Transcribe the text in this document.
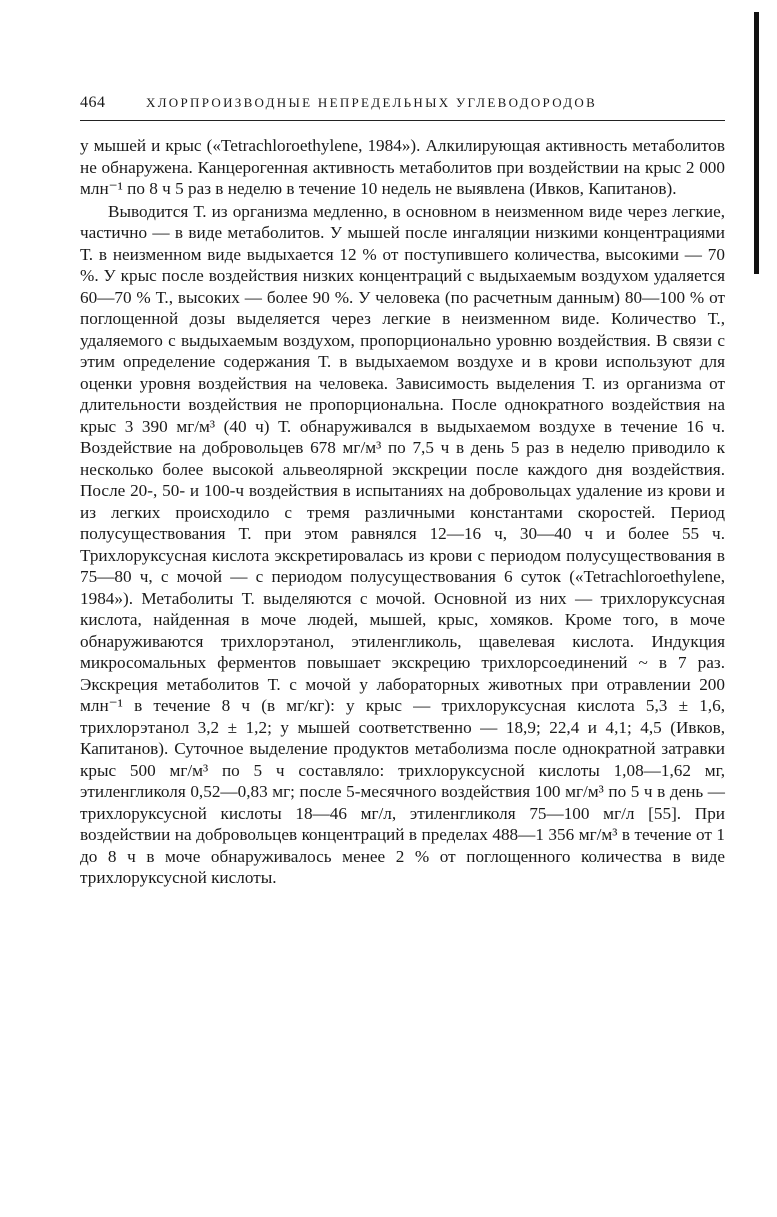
464	ХЛОРПРОИЗВОДНЫЕ НЕПРЕДЕЛЬНЫХ УГЛЕВОДОРОДОВ

у мышей и крыс («Tetrachloroethylene, 1984»). Алкилирующая активность метаболитов не обнаружена. Канцерогенная активность метаболитов при воздействии на крыс 2 000 млн⁻¹ по 8 ч 5 раз в неделю в течение 10 недель не выявлена (Ивков, Капитанов).

Выводится Т. из организма медленно, в основном в неизменном виде через легкие, частично — в виде метаболитов. У мышей после ингаляции низкими концентрациями Т. в неизменном виде выдыхается 12 % от поступившего количества, высокими — 70 %. У крыс после воздействия низких концентраций с выдыхаемым воздухом удаляется 60—70 % Т., высоких — более 90 %. У человека (по расчетным данным) 80—100 % от поглощенной дозы выделяется через легкие в неизменном виде. Количество Т., удаляемого с выдыхаемым воздухом, пропорционально уровню воздействия. В связи с этим определение содержания Т. в выдыхаемом воздухе и в крови используют для оценки уровня воздействия на человека. Зависимость выделения Т. из организма от длительности воздействия не пропорциональна. После однократного воздействия на крыс 3 390 мг/м³ (40 ч) Т. обнаруживался в выдыхаемом воздухе в течение 16 ч. Воздействие на добровольцев 678 мг/м³ по 7,5 ч в день 5 раз в неделю приводило к несколько более высокой альвеолярной экскреции после каждого дня воздействия. После 20-, 50- и 100-ч воздействия в испытаниях на добровольцах удаление из крови и из легких происходило с тремя различными константами скоростей. Период полусуществования Т. при этом равнялся 12—16 ч, 30—40 ч и более 55 ч. Трихлоруксусная кислота экскретировалась из крови с периодом полусуществования в 75—80 ч, с мочой — с периодом полусуществования 6 суток («Tetrachloroethylene, 1984»). Метаболиты Т. выделяются с мочой. Основной из них — трихлоруксусная кислота, найденная в моче людей, мышей, крыс, хомяков. Кроме того, в моче обнаруживаются трихлорэтанол, этиленгликоль, щавелевая кислота. Индукция микросомальных ферментов повышает экскрецию трихлорсоединений ~ в 7 раз. Экскреция метаболитов Т. с мочой у лабораторных животных при отравлении 200 млн⁻¹ в течение 8 ч (в мг/кг): у крыс — трихлоруксусная кислота 5,3 ± 1,6, трихлорэтанол 3,2 ± 1,2; у мышей соответственно — 18,9; 22,4 и 4,1; 4,5 (Ивков, Капитанов). Суточное выделение продуктов метаболизма после однократной затравки крыс 500 мг/м³ по 5 ч составляло: трихлоруксусной кислоты 1,08—1,62 мг, этиленгликоля 0,52—0,83 мг; после 5-месячного воздействия 100 мг/м³ по 5 ч в день — трихлоруксусной кислоты 18—46 мг/л, этиленгликоля 75—100 мг/л [55]. При воздействии на добровольцев концентраций в пределах 488—1 356 мг/м³ в течение от 1 до 8 ч в моче обнаруживалось менее 2 % от поглощенного количества в виде трихлоруксусной кислоты.
